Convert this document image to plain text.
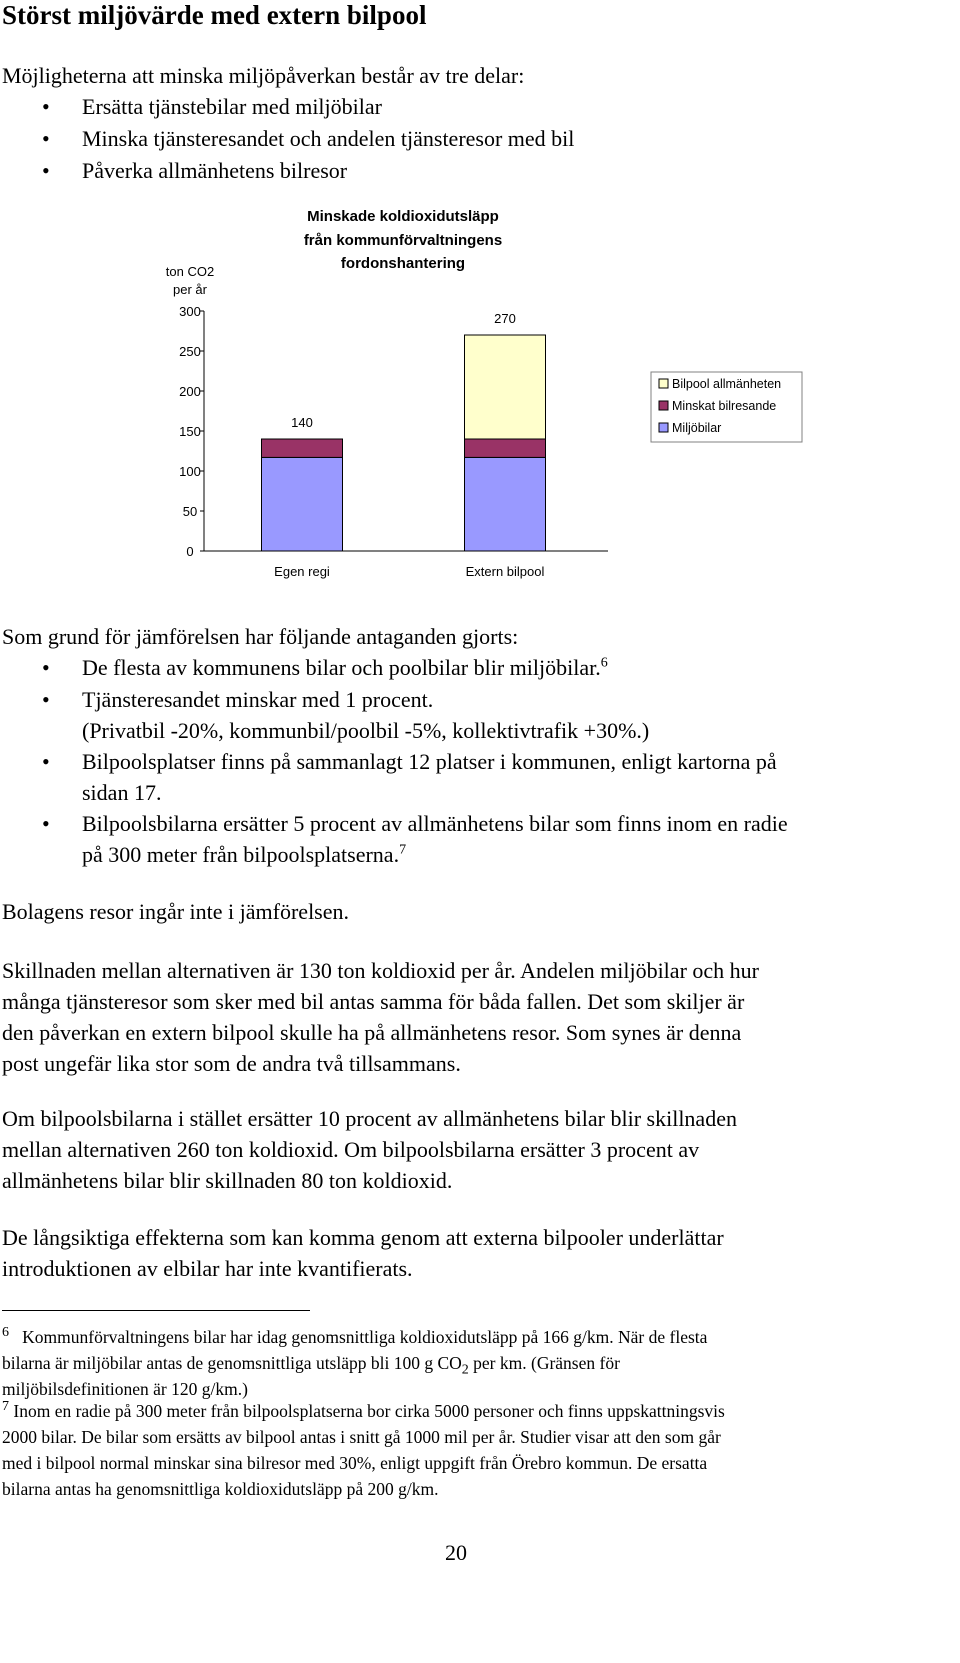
Störst miljövärde med extern bilpool
Möjligheterna att minska miljöpåverkan består av tre delar:
• Ersätta tjänstebilar med miljöbilar
• Minska tjänsteresandet och andelen tjänsteresor med bil
• Påverka allmänhetens bilresor
Minskade koldioxidutsläpp
från kommunförvaltningens
fordonshantering
ton CO2
per år
300
250
200
150
100
50
0
140
270
Egen regi	Extern bilpool
Bilpool allmänheten
Minskat bilresande
Miljöbilar
Som grund för jämförelsen har följande antaganden gjorts:
• De flesta av kommunens bilar och poolbilar blir miljöbilar.$^6$
• Tjänsteresandet minskar med 1 procent.
(Privatbil -20%, kommunbil/poolbil -5%, kollektivtrafik +30%.)
• Bilpoolsplatser finns på sammanlagt 12 platser i kommunen, enligt kartorna på
sidan 17.
• Bilpoolsbilarna ersätter 5 procent av allmänhetens bilar som finns inom en radie
på 300 meter från bilpoolsplatserna.$^7$
Bolagens resor ingår inte i jämförelsen.
Skillnaden mellan alternativen är 130 ton koldioxid per år. Andelen miljöbilar och hur
många tjänsteresor som sker med bil antas samma för båda fallen. Det som skiljer är
den påverkan en extern bilpool skulle ha på allmänhetens resor. Som synes är denna
post ungefär lika stor som de andra två tillsammans.
Om bilpoolsbilarna i stället ersätter 10 procent av allmänhetens bilar blir skillnaden
mellan alternativen 260 ton koldioxid. Om bilpoolsbilarna ersätter 3 procent av
allmänhetens bilar blir skillnaden 80 ton koldioxid.
De långsiktiga effekterna som kan komma genom att externa bilpooler underlättar
introduktionen av elbilar har inte kvantifierats.
$^6$ Kommunförvaltningens bilar har idag genomsnittliga koldioxidutsläpp på 166 g/km. När de flesta
bilarna är miljöbilar antas de genomsnittliga utsläpp bli 100 g $CO_2$ per km. (Gränsen för
miljöbilsdefinitionen är 120 g/km.)
$^7$ Inom en radie på 300 meter från bilpoolsplatserna bor cirka 5000 personer och finns uppskattningsvis
2000 bilar. De bilar som ersätts av bilpool antas i snitt gå 1000 mil per år. Studier visar att den som går
med i bilpool normal minskar sina bilresor med 30%, enligt uppgift från Örebro kommun. De ersatta
bilarna antas ha genomsnittliga koldioxidutsläpp på 200 g/km.
20
